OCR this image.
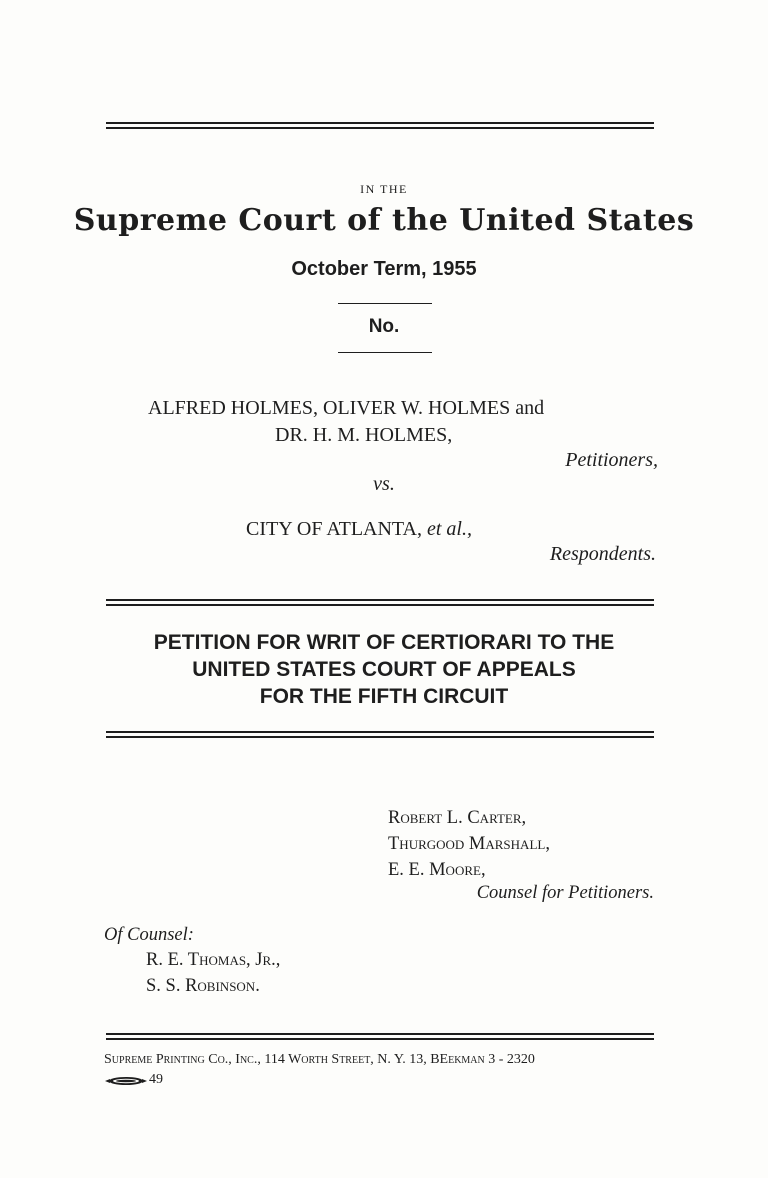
IN THE
Supreme Court of the United States
October Term, 1955
No.
ALFRED HOLMES, OLIVER W. HOLMES and
DR. H. M. HOLMES,
Petitioners,
vs.
CITY OF ATLANTA, et al.,
Respondents.
PETITION FOR WRIT OF CERTIORARI TO THE
UNITED STATES COURT OF APPEALS
FOR THE FIFTH CIRCUIT
Robert L. Carter,
Thurgood Marshall,
E. E. Moore,
Counsel for Petitioners.
Of Counsel:
R. E. Thomas, Jr.,
S. S. Robinson.
Supreme Printing Co., Inc., 114 Worth Street, N. Y. 13, BEekman 3 - 2320
49
